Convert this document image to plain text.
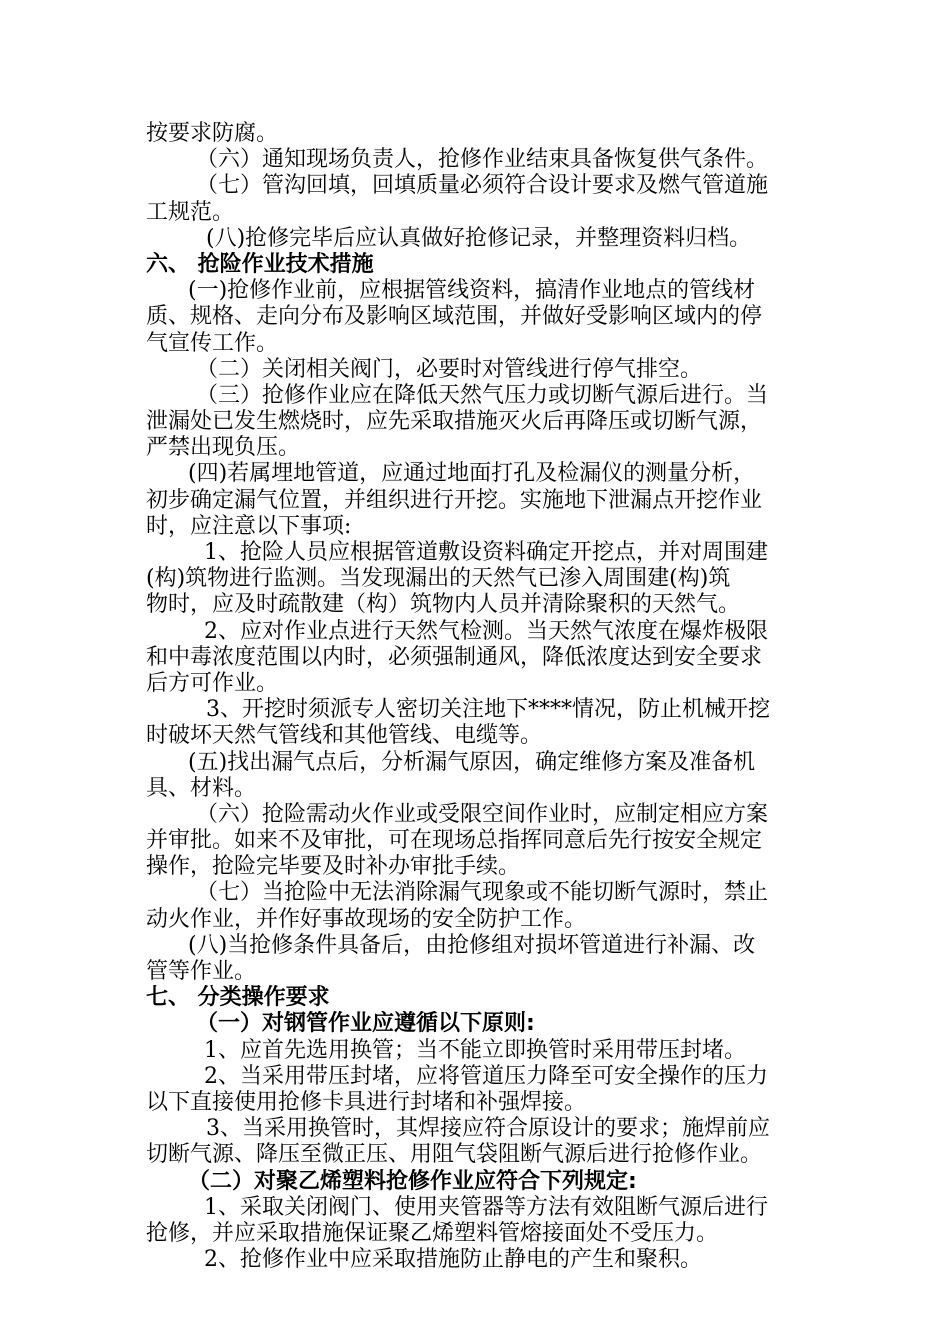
按要求防腐。
（六）通知现场负责人，抢修作业结束具备恢复供气条件。
（七）管沟回填，回填质量必须符合设计要求及燃气管道施
工规范。
(八)抢修完毕后应认真做好抢修记录，并整理资料归档。
六、 抢险作业技术措施
(一)抢修作业前，应根据管线资料，搞清作业地点的管线材
质、规格、走向分布及影响区域范围，并做好受影响区域内的停
气宣传工作。
（二）关闭相关阀门，必要时对管线进行停气排空。
（三）抢修作业应在降低天然气压力或切断气源后进行。当
泄漏处已发生燃烧时，应先采取措施灭火后再降压或切断气源，
严禁出现负压。
(四)若属埋地管道，应通过地面打孔及检漏仪的测量分析，
初步确定漏气位置，并组织进行开挖。实施地下泄漏点开挖作业
时，应注意以下事项:
1、抢险人员应根据管道敷设资料确定开挖点，并对周围建
(构)筑物进行监测。当发现漏出的天然气已渗入周围建(构)筑
物时，应及时疏散建（构）筑物内人员并清除聚积的天然气。
2、应对作业点进行天然气检测。当天然气浓度在爆炸极限
和中毒浓度范围以内时，必须强制通风，降低浓度达到安全要求
后方可作业。
3、开挖时须派专人密切关注地下****情况，防止机械开挖
时破坏天然气管线和其他管线、电缆等。
(五)找出漏气点后，分析漏气原因，确定维修方案及准备机
具、材料。
（六）抢险需动火作业或受限空间作业时，应制定相应方案
并审批。如来不及审批，可在现场总指挥同意后先行按安全规定
操作，抢险完毕要及时补办审批手续。
（七）当抢险中无法消除漏气现象或不能切断气源时，禁止
动火作业，并作好事故现场的安全防护工作。
(八)当抢修条件具备后，由抢修组对损坏管道进行补漏、改
管等作业。
七、 分类操作要求
（一）对钢管作业应遵循以下原则:
1、应首先选用换管；当不能立即换管时采用带压封堵。
2、当采用带压封堵，应将管道压力降至可安全操作的压力
以下直接使用抢修卡具进行封堵和补强焊接。
3、当采用换管时，其焊接应符合原设计的要求；施焊前应
切断气源、降压至微正压、用阻气袋阻断气源后进行抢修作业。
（二）对聚乙烯塑料抢修作业应符合下列规定:
1、采取关闭阀门、使用夹管器等方法有效阻断气源后进行
抢修，并应采取措施保证聚乙烯塑料管熔接面处不受压力。
2、抢修作业中应采取措施防止静电的产生和聚积。
